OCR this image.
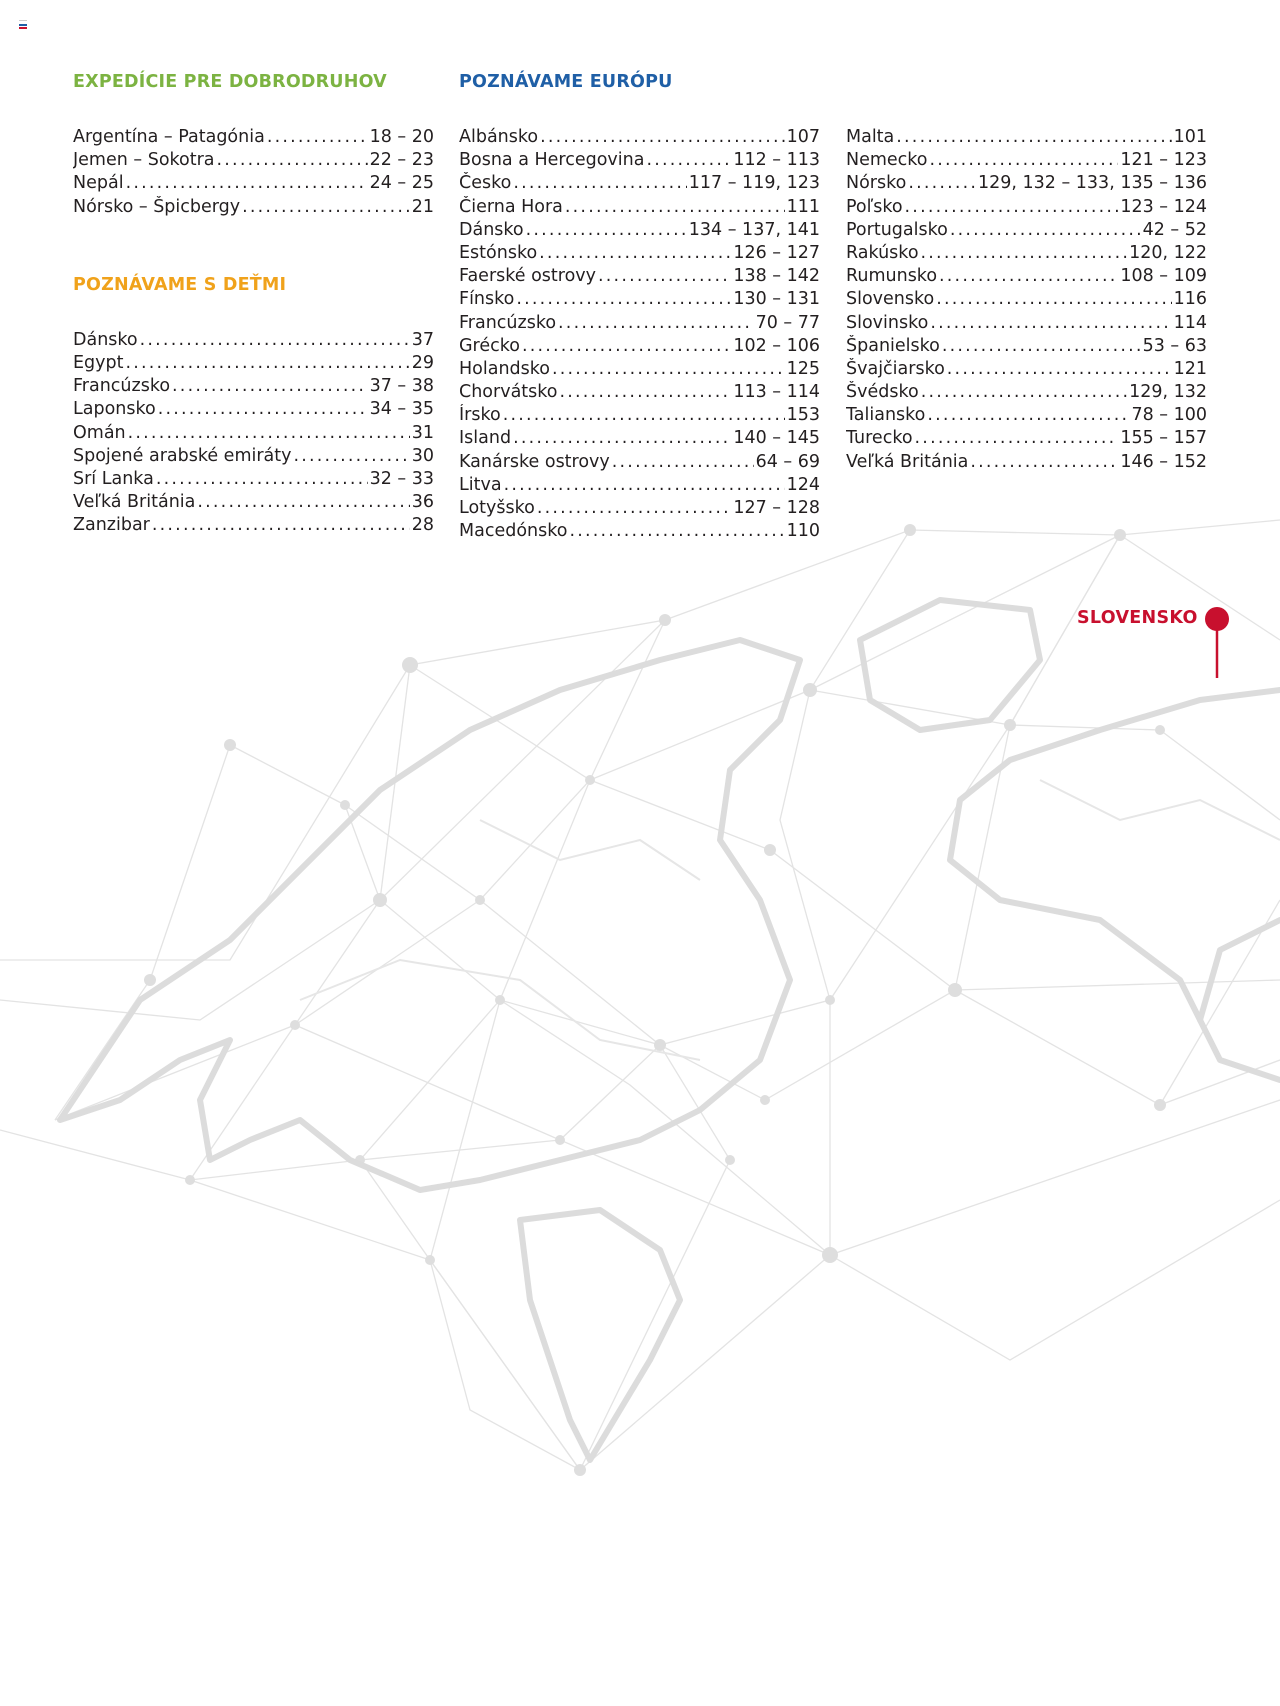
EXPEDÍCIE PRE DOBRODRUHOV
Argentína – Patagónia .....	18 – 20
Jemen – Sokotra .....	22 – 23
Nepál .....	24 – 25
Nórsko – Špicbergy .....	21
POZNÁVAME S DEŤMI
Dánsko .....	37
Egypt .....	29
Francúzsko .....	37 – 38
Laponsko .....	34 – 35
Omán .....	31
Spojené arabské emiráty .....	30
Srí Lanka .....	32 – 33
Veľká Británia .....	36
Zanzibar .....	28
POZNÁVAME EURÓPU
Albánsko .....	107
Bosna a Hercegovina .....	112 – 113
Česko .....	117 – 119, 123
Čierna Hora .....	111
Dánsko .....	134 – 137, 141
Estónsko .....	126 – 127
Faerské ostrovy .....	138 – 142
Fínsko .....	130 – 131
Francúzsko .....	70 – 77
Grécko .....	102 – 106
Holandsko .....	125
Chorvátsko .....	113 – 114
Írsko .....	153
Island .....	140 – 145
Kanárske ostrovy .....	64 – 69
Litva .....	124
Lotyšsko .....	127 – 128
Macedónsko .....	110
Malta .....	101
Nemecko .....	121 – 123
Nórsko .....	129, 132 – 133, 135 – 136
Poľsko .....	123 – 124
Portugalsko .....	42 – 52
Rakúsko .....	120, 122
Rumunsko .....	108 – 109
Slovensko .....	116
Slovinsko .....	114
Španielsko .....	53 – 63
Švajčiarsko .....	121
Švédsko .....	129, 132
Taliansko .....	78 – 100
Turecko .....	155 – 157
Veľká Británia .....	146 – 152
SLOVENSKO
